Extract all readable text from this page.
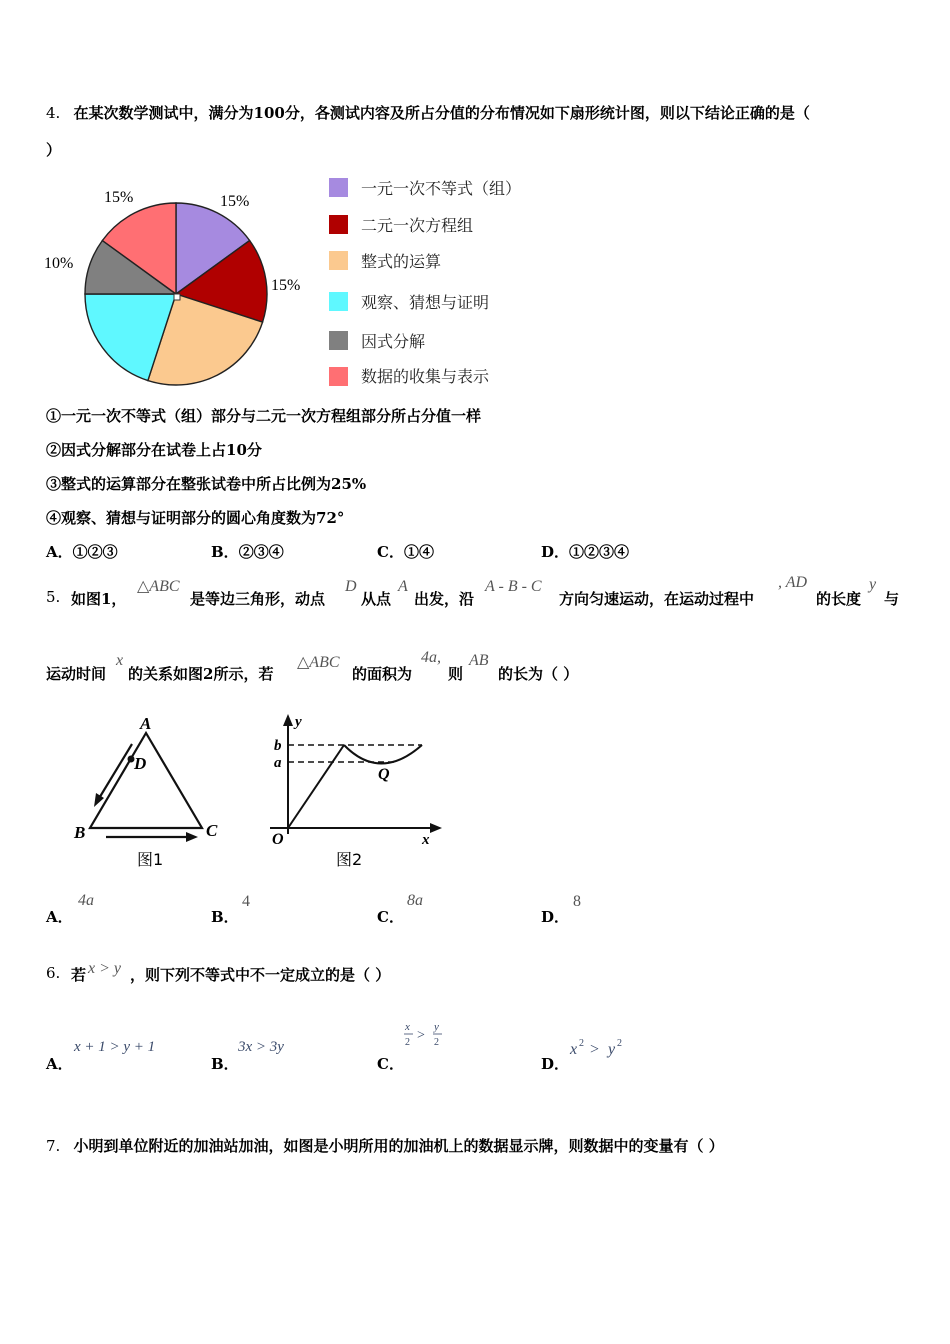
4. 在某次数学测试中，满分为100分，各测试内容及所占分值的分布情况如下扇形统计图，则以下结论正确的是（
）
15%
15%
15%
10%
一元一次不等式（组）
二元一次方程组
整式的运算
观察、猜想与证明
因式分解
数据的收集与表示
①一元一次不等式（组）部分与二元一次方程组部分所占分值一样
②因式分解部分在试卷上占10分
③整式的运算部分在整张试卷中所占比例为25%
④观察、猜想与证明部分的圆心角度数为72°
A．①②③	B．②③④	C．①④	D．①②③④
5. 如图1，
△ABC
是等边三角形，动点
D
从点
A
出发，沿
A - B - C
方向匀速运动，在运动过程中
, AD
的长度
y
与
运动时间
x
的关系如图2所示，若
△ABC
的面积为
4a,
则
AB
的长为（ ）
A
D
B	C
图1
y
b
a
Q
O	x
图2
A．
4a
B．
4
C．
8a
D．
8
6. 若 x > y ，则下列不等式中不一定成立的是（ ）
A．
x + 1 > y + 1
B．
3x > 3y
C．
x
2 >
y
2
D．
x 2 > y 2
7. 小明到单位附近的加油站加油，如图是小明所用的加油机上的数据显示牌，则数据中的变量有（ ）
